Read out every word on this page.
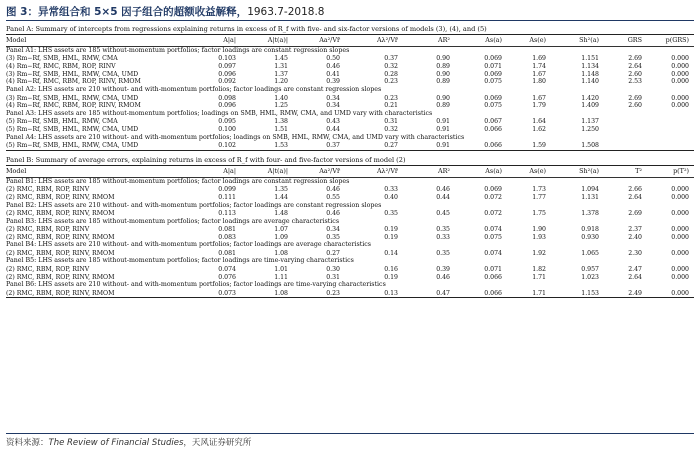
图 3：异常组合和 5×5 因子组合的超额收益解释，1963.7-2018.8
Panel A: Summary of intercepts from regressions explaining returns in excess of R_f with five- and six-factor versions of models (3), (4), and (5)
Model	A|a|	A|t(a)|	Aa²/Vr̄	Aλ²/Vr̄	AR²	As(a)	As(e)	Sh²(a)	GRS	p(GRS)
Panel A1: LHS assets are 185 without-momentum portfolios; factor loadings are constant regression slopes
(3) Rm−Rf, SMB, HML, RMW, CMA	0.103	1.45	0.50	0.37	0.90	0.069	1.69	1.151	2.69	0.000
(4) Rm−Rf, RMC, RBM, ROP, RINV	0.097	1.31	0.46	0.32	0.89	0.071	1.74	1.134	2.64	0.000
(3) Rm−Rf, SMB, HML, RMW, CMA, UMD	0.096	1.37	0.41	0.28	0.90	0.069	1.67	1.148	2.60	0.000
(4) Rm−Rf, RMC, RBM, ROP, RINV, RMOM	0.092	1.20	0.39	0.23	0.89	0.075	1.80	1.140	2.53	0.000
Panel A2: LHS assets are 210 without- and with-momentum portfolios; factor loadings are constant regression slopes
(3) Rm−Rf, SMB, HML, RMW, CMA, UMD	0.098	1.40	0.34	0.23	0.90	0.069	1.67	1.420	2.69	0.000
(4) Rm−Rf, RMC, RBM, ROP, RINV, RMOM	0.096	1.25	0.34	0.21	0.89	0.075	1.79	1.409	2.60	0.000
Panel A3: LHS assets are 185 without-momentum portfolios; loadings on SMB, HML, RMW, CMA, and UMD vary with characteristics
(5) Rm−Rf, SMB, HML, RMW, CMA	0.095	1.38	0.43	0.31	0.91	0.067	1.64	1.137
(5) Rm−Rf, SMB, HML, RMW, CMA, UMD	0.100	1.51	0.44	0.32	0.91	0.066	1.62	1.250
Panel A4: LHS assets are 210 without- and with-momentum portfolios; loadings on SMB, HML, RMW, CMA, and UMD vary with characteristics
(5) Rm−Rf, SMB, HML, RMW, CMA, UMD	0.102	1.53	0.37	0.27	0.91	0.066	1.59	1.508
Panel B: Summary of average errors, explaining returns in excess of R_f with four- and five-factor versions of model (2)
Model	A|a|	A|t(a)|	Aa²/Vr̄	Aλ²/Vr̄	AR²	As(a)	As(e)	Sh²(a)	T²	p(T²)
Panel B1: LHS assets are 185 without-momentum portfolios; factor loadings are constant regression slopes
(2) RMC, RBM, ROP, RINV	0.099	1.35	0.46	0.33	0.46	0.069	1.73	1.094	2.66	0.000
(2) RMC, RBM, ROP, RINV, RMOM	0.111	1.44	0.55	0.40	0.44	0.072	1.77	1.131	2.64	0.000
Panel B2: LHS assets are 210 without- and with-momentum portfolios; factor loadings are constant regression slopes
(2) RMC, RBM, ROP, RINV, RMOM	0.113	1.48	0.46	0.35	0.45	0.072	1.75	1.378	2.69	0.000
Panel B3: LHS assets are 185 without-momentum portfolios; factor loadings are average characteristics
(2) RMC, RBM, ROP, RINV	0.081	1.07	0.34	0.19	0.35	0.074	1.90	0.918	2.37	0.000
(2) RMC, RBM, ROP, RINV, RMOM	0.083	1.09	0.35	0.19	0.33	0.075	1.93	0.930	2.40	0.000
Panel B4: LHS assets are 210 without- and with-momentum portfolios; factor loadings are average characteristics
(2) RMC, RBM, ROP, RINV, RMOM	0.081	1.08	0.27	0.14	0.35	0.074	1.92	1.065	2.30	0.000
Panel B5: LHS assets are 185 without-momentum portfolios; factor loadings are time-varying characteristics
(2) RMC, RBM, ROP, RINV	0.074	1.01	0.30	0.16	0.39	0.071	1.82	0.957	2.47	0.000
(2) RMC, RBM, ROP, RINV, RMOM	0.076	1.11	0.31	0.19	0.46	0.066	1.71	1.023	2.64	0.000
Panel B6: LHS assets are 210 without- and with-momentum portfolios; factor loadings are time-varying characteristics
(2) RMC, RBM, ROP, RINV, RMOM	0.073	1.08	0.23	0.13	0.47	0.066	1.71	1.153	2.49	0.000
资料来源：The Review of Financial Studies，天风证券研究所
